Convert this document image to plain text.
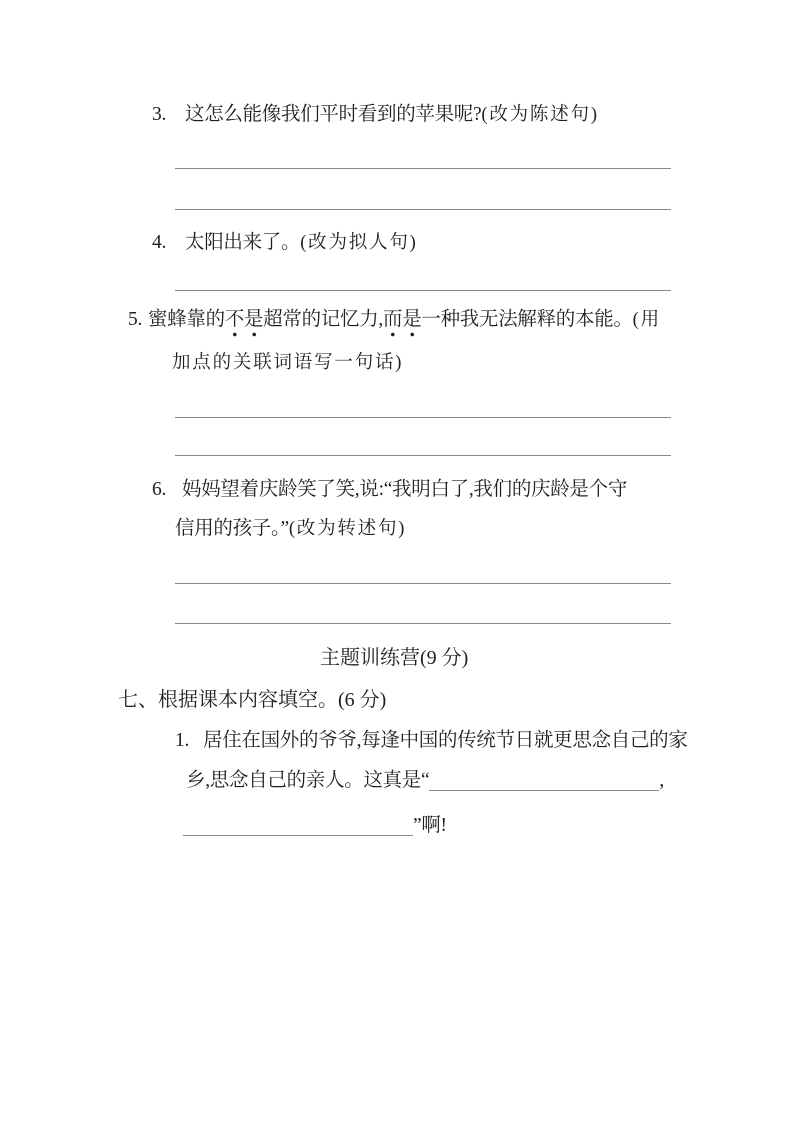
3. 这怎么能像我们平时看到的苹果呢?(改为陈述句)
4. 太阳出来了。(改为拟人句)
5. 蜜蜂靠的不是超常的记忆力,而是一种我无法解释的本能。(用
加点的关联词语写一句话)
6. 妈妈望着庆龄笑了笑,说:“我明白了,我们的庆龄是个守
信用的孩子。”(改为转述句)
主题训练营(9 分)
七、根据课本内容填空。(6 分)
1. 居住在国外的爷爷,每逢中国的传统节日就更思念自己的家
乡,思念自己的亲人。这真是“	,
”啊!
